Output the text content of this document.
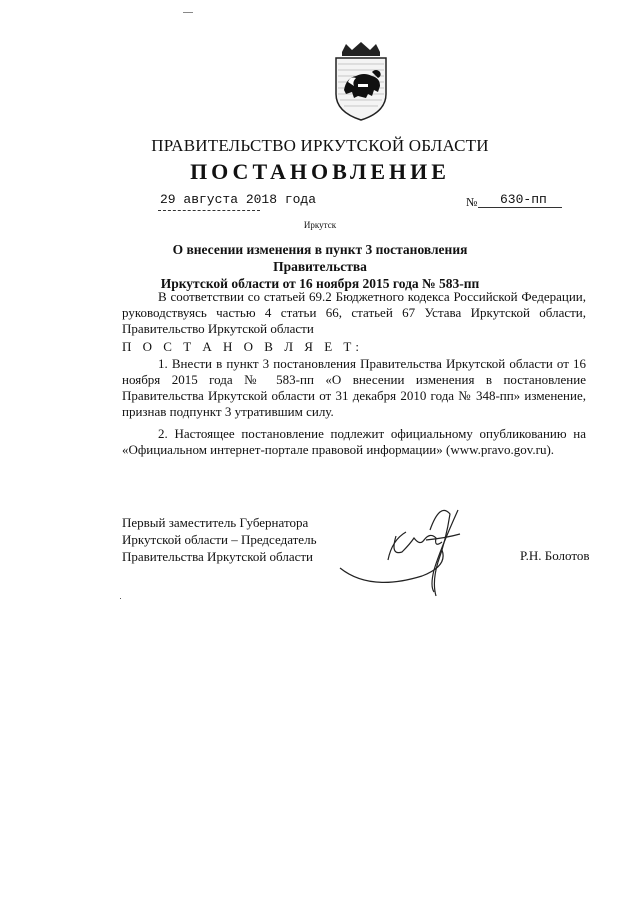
ПРАВИТЕЛЬСТВО ИРКУТСКОЙ ОБЛАСТИ
ПОСТАНОВЛЕНИЕ
29 августа 2018 года	№ 630-пп
Иркутск
О внесении изменения в пункт 3 постановления Правительства
Иркутской области от 16 ноября 2015 года № 583-пп
В соответствии со статьей 69.2 Бюджетного кодекса Российской Федерации, руководствуясь частью 4 статьи 66, статьей 67 Устава Иркутской области, Правительство Иркутской области
П О С Т А Н О В Л Я Е Т:
1. Внести в пункт 3 постановления Правительства Иркутской области от 16 ноября 2015 года № 583-пп «О внесении изменения в постановление Правительства Иркутской области от 31 декабря 2010 года № 348-пп» изменение, признав подпункт 3 утратившим силу.
2. Настоящее постановление подлежит официальному опубликованию на «Официальном интернет-портале правовой информации» (www.pravo.gov.ru).
Первый заместитель Губернатора
Иркутской области – Председатель
Правительства Иркутской области	Р.Н. Болотов
